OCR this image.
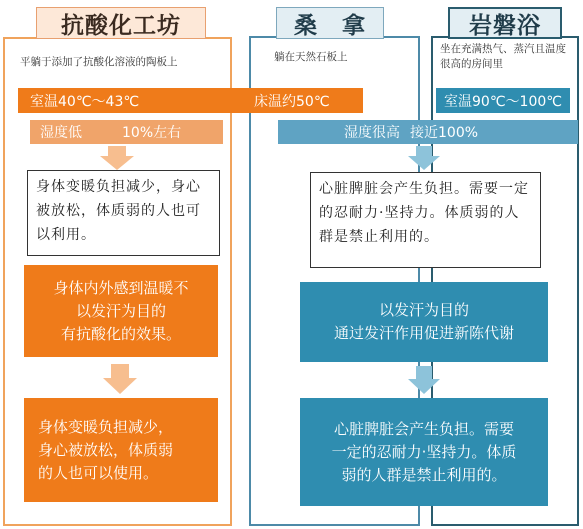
抗酸化工坊	桑　拿	岩磐浴
平躺于添加了抗酸化溶液的陶板上	躺在天然石板上
坐在充满热气、蒸汽且温度很高的房间里
室温40℃～43℃	床温约50℃	室温90℃～100℃
湿度低	10%左右	湿度很高 接近100%
身体变暖负担减少，身心被放松，体质弱的人也可以利用。
身体内外感到温暖不
以发汗为目的
有抗酸化的效果。
身体变暖负担减少，
身心被放松，体质弱
的人也可以使用。
心脏脾脏会产生负担。需要一定的忍耐力·坚持力。体质弱的人群是禁止利用的。
以发汗为目的
通过发汗作用促进新陈代谢
心脏脾脏会产生负担。需要
一定的忍耐力·坚持力。体质
弱的人群是禁止利用的。
